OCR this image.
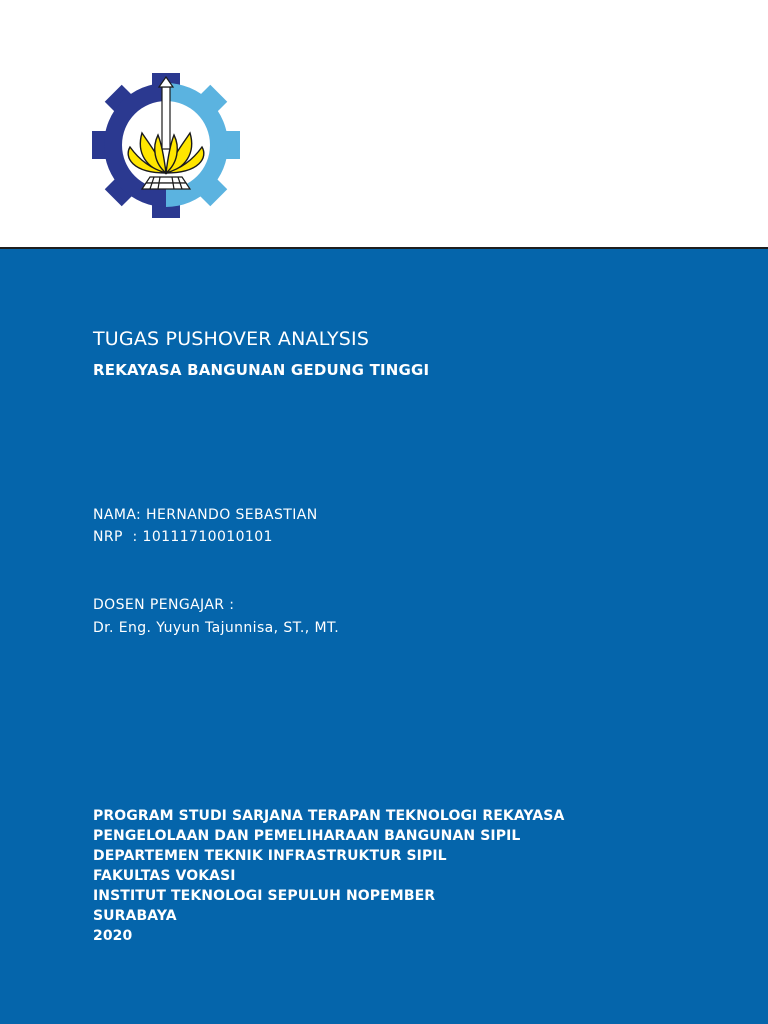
TUGAS PUSHOVER ANALYSIS
REKAYASA BANGUNAN GEDUNG TINGGI
NAMA: HERNANDO SEBASTIAN
NRP  : 10111710010101
DOSEN PENGAJAR :
Dr. Eng. Yuyun Tajunnisa, ST., MT.
PROGRAM STUDI SARJANA TERAPAN TEKNOLOGI REKAYASA
PENGELOLAAN DAN PEMELIHARAAN BANGUNAN SIPIL
DEPARTEMEN TEKNIK INFRASTRUKTUR SIPIL
FAKULTAS VOKASI
INSTITUT TEKNOLOGI SEPULUH NOPEMBER
SURABAYA
2020
